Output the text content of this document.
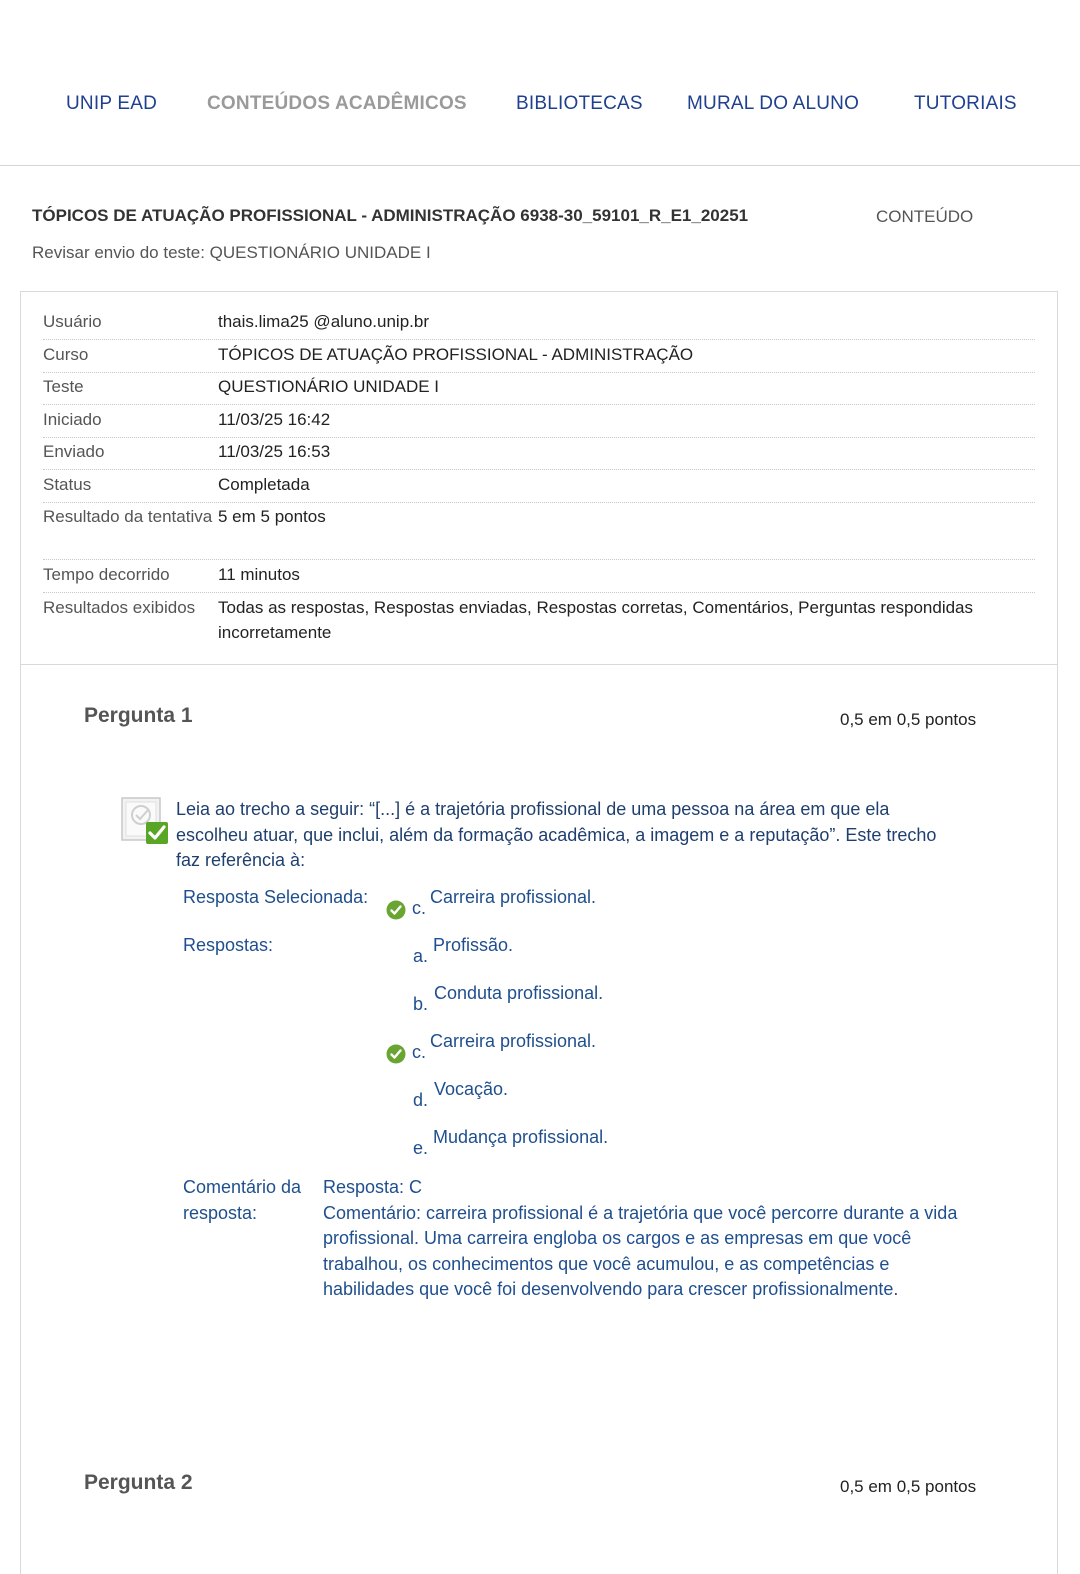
UNIP EAD	CONTEÚDOS ACADÊMICOS	BIBLIOTECAS MURAL DO ALUNO	TUTORIAIS
TÓPICOS DE ATUAÇÃO PROFISSIONAL - ADMINISTRAÇÃO 6938-30_59101_R_E1_20251	CONTEÚDO
Revisar envio do teste: QUESTIONÁRIO UNIDADE I
Usuário	thais.lima25 @aluno.unip.br
Curso	TÓPICOS DE ATUAÇÃO PROFISSIONAL - ADMINISTRAÇÃO
Teste	QUESTIONÁRIO UNIDADE I
Iniciado	11/03/25 16:42
Enviado	11/03/25 16:53
Status	Completada
Resultado da tentativa 5 em 5 pontos
Tempo decorrido	11 minutos
Resultados exibidos	Todas as respostas, Respostas enviadas, Respostas corretas, Comentários, Perguntas respondidas incorretamente
Pergunta 1	0,5 em 0,5 pontos
Leia ao trecho a seguir: “[...] é a trajetória profissional de uma pessoa na área em que ela escolheu atuar, que inclui, além da formação acadêmica, a imagem e a reputação”. Este trecho faz referência à:
Resposta Selecionada:
c.
Carreira profissional.
Respostas:
a.
Profissão.
b.
Conduta profissional.
c.
Carreira profissional.
d.
Vocação.
e.
Mudança profissional.
Comentário da resposta:
Resposta: C
Comentário: carreira profissional é a trajetória que você percorre durante a vida profissional. Uma carreira engloba os cargos e as empresas em que você trabalhou, os conhecimentos que você acumulou, e as competências e habilidades que você foi desenvolvendo para crescer profissionalmente.
Pergunta 2	0,5 em 0,5 pontos
